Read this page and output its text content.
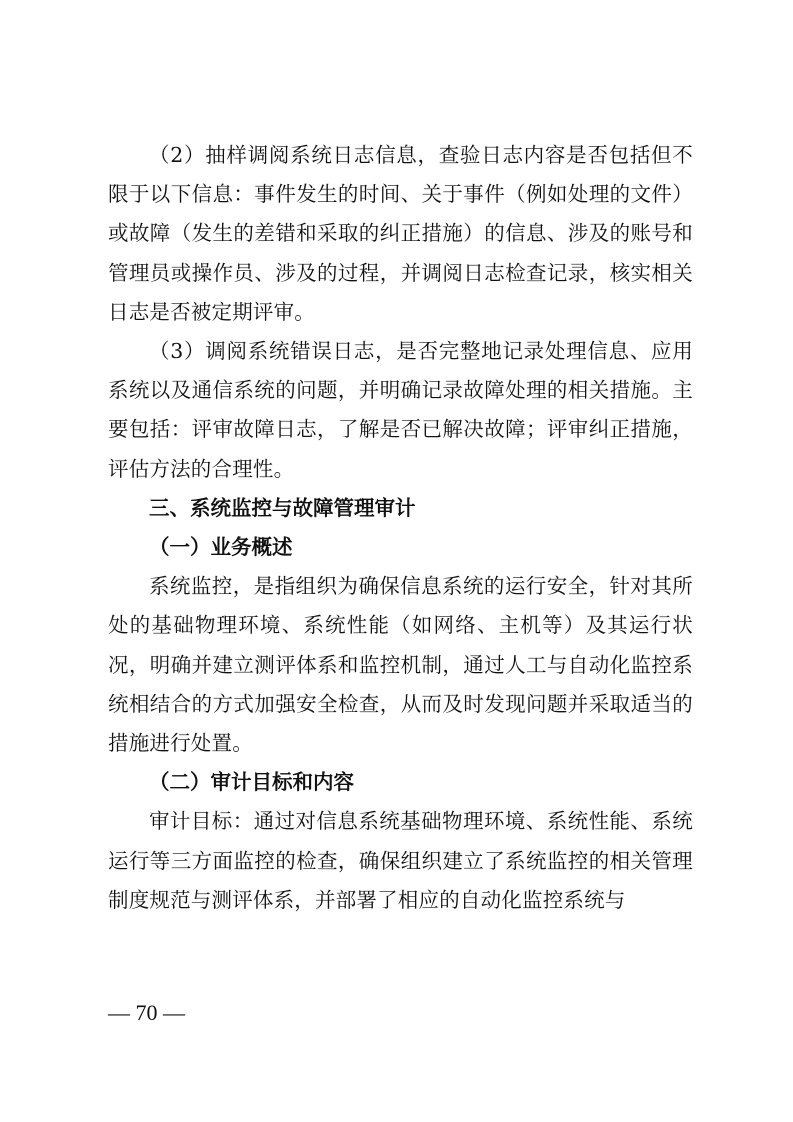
（2）抽样调阅系统日志信息，查验日志内容是否包括但不限于以下信息：事件发生的时间、关于事件（例如处理的文件）或故障（发生的差错和采取的纠正措施）的信息、涉及的账号和管理员或操作员、涉及的过程，并调阅日志检查记录，核实相关日志是否被定期评审。

（3）调阅系统错误日志，是否完整地记录处理信息、应用系统以及通信系统的问题，并明确记录故障处理的相关措施。主要包括：评审故障日志，了解是否已解决故障；评审纠正措施，评估方法的合理性。

三、系统监控与故障管理审计

（一）业务概述

系统监控，是指组织为确保信息系统的运行安全，针对其所处的基础物理环境、系统性能（如网络、主机等）及其运行状况，明确并建立测评体系和监控机制，通过人工与自动化监控系统相结合的方式加强安全检查，从而及时发现问题并采取适当的措施进行处置。

（二）审计目标和内容

审计目标：通过对信息系统基础物理环境、系统性能、系统运行等三方面监控的检查，确保组织建立了系统监控的相关管理制度规范与测评体系，并部署了相应的自动化监控系统与

— 70 —
